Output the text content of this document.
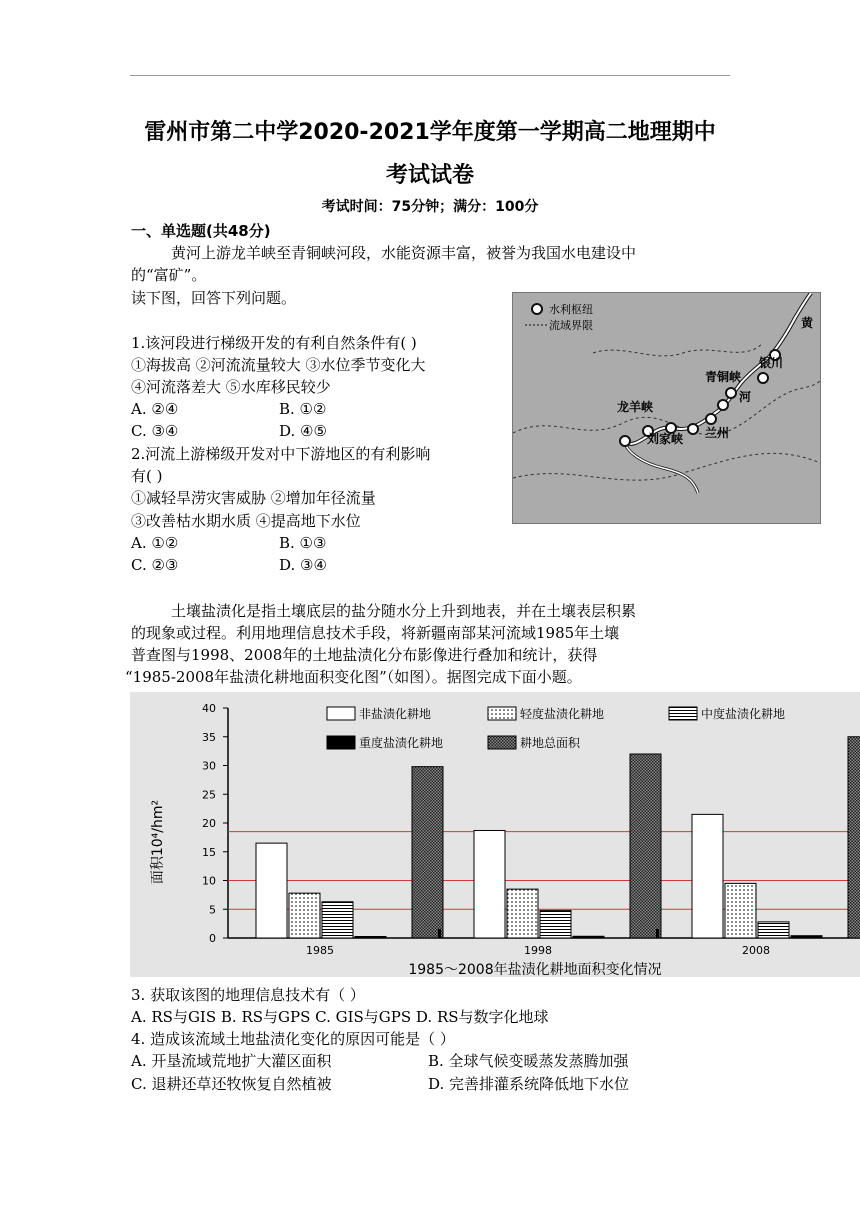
雷州市第二中学2020-2021学年度第一学期高二地理期中
考试试卷
考试时间：75分钟；满分：100分
一、单选题(共48分)
黄河上游龙羊峡至青铜峡河段，水能资源丰富，被誉为我国水电建设中
的“富矿”。
读下图，回答下列问题。
水利枢纽
流域界限	黄
银川
青铜峡
河
龙羊峡
兰州
刘家峡
1.该河段进行梯级开发的有利自然条件有( )
①海拔高 ②河流流量较大 ③水位季节变化大
④河流落差大 ⑤水库移民较少
A. ②④	B. ①②
C. ③④	D. ④⑤
2.河流上游梯级开发对中下游地区的有利影响
有( )
①减轻旱涝灾害威胁 ②增加年径流量
③改善枯水期水质 ④提高地下水位
A. ①②	B. ①③
C. ②③	D. ③④
土壤盐渍化是指土壤底层的盐分随水分上升到地表，并在土壤表层积累
的现象或过程。利用地理信息技术手段，将新疆南部某河流域1985年土壤
普查图与1998、2008年的土地盐渍化分布影像进行叠加和统计，获得
“1985-2008年盐渍化耕地面积变化图”（如图）。据图完成下面小题。
0
5
10
15
20
25
30
35
40
1985	1998	2008
非盐渍化耕地	轻度盐渍化耕地	中度盐渍化耕地
重度盐渍化耕地	耕地总面积
面积10⁴/hm²
1985～2008年盐渍化耕地面积变化情况
3. 获取该图的地理信息技术有（ ）
A. RS与GIS B. RS与GPS C. GIS与GPS D. RS与数字化地球
4. 造成该流域土地盐渍化变化的原因可能是（ ）
A. 开垦流域荒地扩大灌区面积	B. 全球气候变暖蒸发蒸腾加强
C. 退耕还草还牧恢复自然植被	D. 完善排灌系统降低地下水位
